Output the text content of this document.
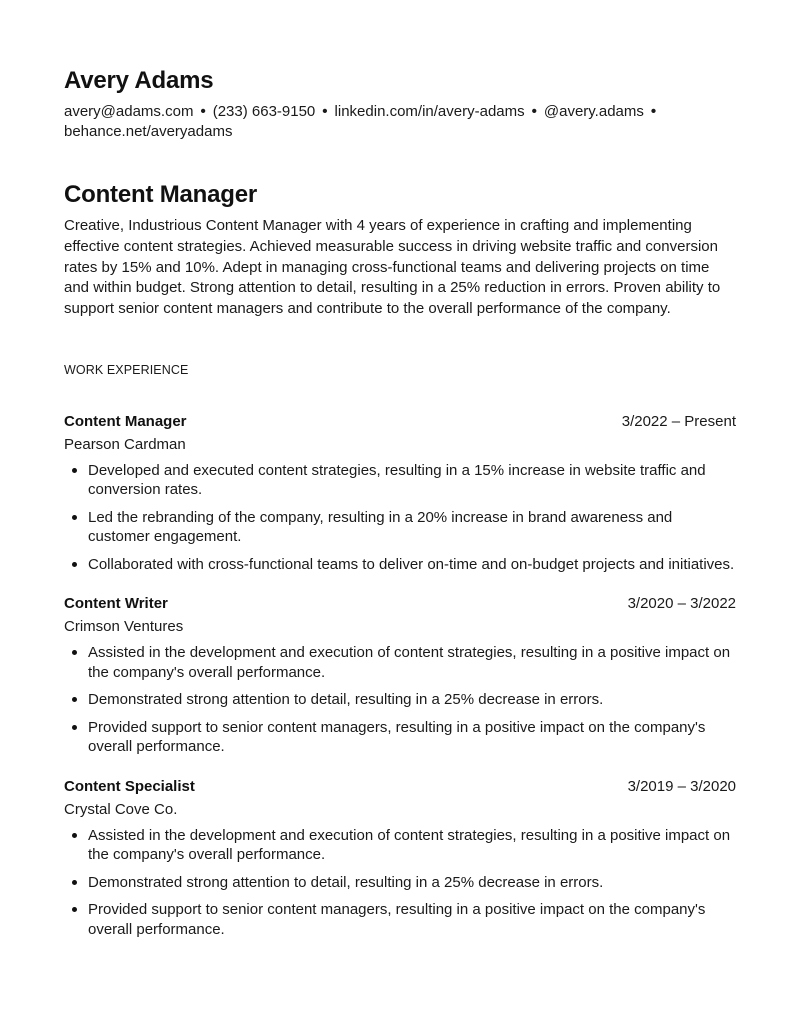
Avery Adams

avery@adams.com • (233) 663-9150 • linkedin.com/in/avery-adams • @avery.adams •
behance.net/averyadams

Content Manager

Creative, Industrious Content Manager with 4 years of experience in crafting and implementing effective content strategies. Achieved measurable success in driving website traffic and conversion rates by 15% and 10%. Adept in managing cross-functional teams and delivering projects on time and within budget. Strong attention to detail, resulting in a 25% reduction in errors. Proven ability to support senior content managers and contribute to the overall performance of the company.

WORK EXPERIENCE

Content Manager	3/2022 – Present

Pearson Cardman

Developed and executed content strategies, resulting in a 15% increase in website traffic and conversion rates.
Led the rebranding of the company, resulting in a 20% increase in brand awareness and customer engagement.
Collaborated with cross-functional teams to deliver on-time and on-budget projects and initiatives.

Content Writer	3/2020 – 3/2022

Crimson Ventures

Assisted in the development and execution of content strategies, resulting in a positive impact on the company's overall performance.
Demonstrated strong attention to detail, resulting in a 25% decrease in errors.
Provided support to senior content managers, resulting in a positive impact on the company's overall performance.

Content Specialist	3/2019 – 3/2020

Crystal Cove Co.

Assisted in the development and execution of content strategies, resulting in a positive impact on the company's overall performance.
Demonstrated strong attention to detail, resulting in a 25% decrease in errors.
Provided support to senior content managers, resulting in a positive impact on the company's overall performance.
